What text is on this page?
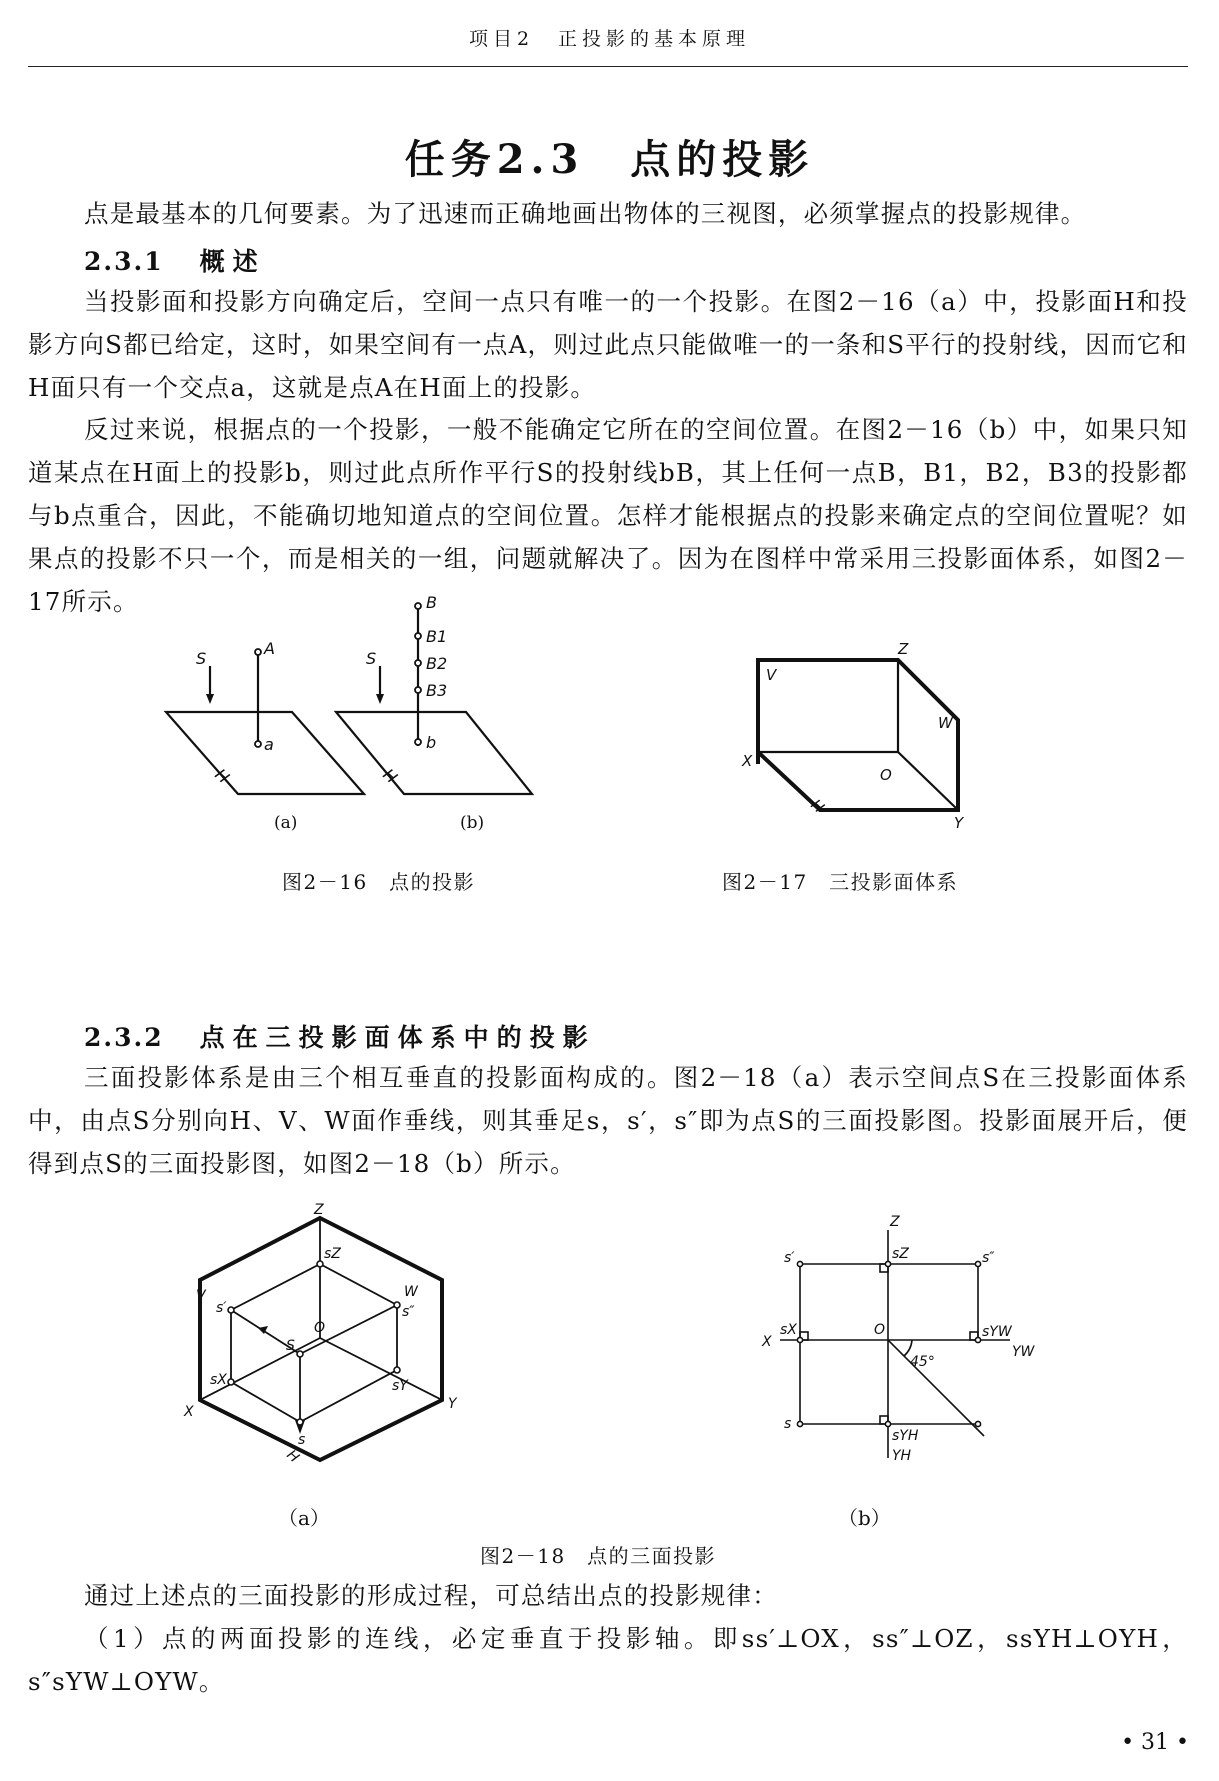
项目2　正投影的基本原理
任务2.3　点的投影
点是最基本的几何要素。为了迅速而正确地画出物体的三视图，必须掌握点的投影规律。
2.3.1 概述
当投影面和投影方向确定后，空间一点只有唯一的一个投影。在图2－16（a）中，投影面H和投影方向S都已给定，这时，如果空间有一点A，则过此点只能做唯一的一条和S平行的投射线，因而它和H面只有一个交点a，这就是点A在H面上的投影。
反过来说，根据点的一个投影，一般不能确定它所在的空间位置。在图2－16（b）中，如果只知道某点在H面上的投影b，则过此点所作平行S的投射线bB，其上任何一点B，B1，B2，B3的投影都与b点重合，因此，不能确切地知道点的空间位置。怎样才能根据点的投影来确定点的空间位置呢？如果点的投影不只一个，而是相关的一组，问题就解决了。因为在图样中常采用三投影面体系，如图2－17所示。
S
A
a
H
S
B
B1
B2
B3
b
H
(a)	(b)
图2－16　点的投影
Z
V
W
X
O
H
Y
图2－17　三投影面体系
2.3.2 点在三投影面体系中的投影
三面投影体系是由三个相互垂直的投影面构成的。图2－18（a）表示空间点S在三投影面体系中，由点S分别向H、V、W面作垂线，则其垂足s，s′，s″即为点S的三面投影图。投影面展开后，便得到点S的三面投影图，如图2－18（b）所示。
Z
sZ
V	W
s′	s″
O
S
X
sX	sY
Y
s
H
Z
s′	sZ	s″
X
sX	O	sYW
YW
45°
s
sYH
YH
（a）	（b）
图2－18　点的三面投影
通过上述点的三面投影的形成过程，可总结出点的投影规律：
（1）点的两面投影的连线，必定垂直于投影轴。即ss′⊥OX，ss″⊥OZ，ssYH⊥OYH，s″sYW⊥OYW。
• 31 •
